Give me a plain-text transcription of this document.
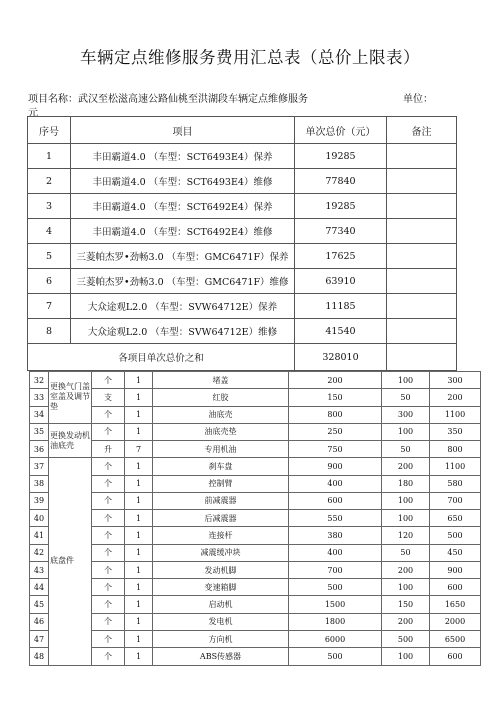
车辆定点维修服务费用汇总表（总价上限表）
项目名称：武汉至松滋高速公路仙桃至洪湖段车辆定点维修服务	单位：
元
序号	项目	单次总价（元）	备注
1	丰田霸道4.0 （车型：SCT6493E4）保养	19285	
2	丰田霸道4.0 （车型：SCT6493E4）维修	77840	
3	丰田霸道4.0 （车型：SCT6492E4）保养	19285	
4	丰田霸道4.0 （车型：SCT6492E4）维修	77340	
5	三菱帕杰罗•劲畅3.0 （车型：GMC6471F）保养	17625	
6	三菱帕杰罗•劲畅3.0 （车型：GMC6471F）维修	63910	
7	大众途观L2.0 （车型：SVW64712E）保养	11185	
8	大众途观L2.0 （车型：SVW64712E）维修	41540	
各项目单次总价之和		328010	
32	更换气门盖室盖及调节垫	个	1	堵盖	200	100	300
33		支	1	红胶	150	50	200
34		个	1	油底壳	800	300	1100
35	更换发动机油底壳	个	1	油底壳垫	250	100	350
36		升	7	专用机油	750	50	800
37	底盘件	个	1	刹车盘	900	200	1100
38		个	1	控制臂	400	180	580
39		个	1	前减震器	600	100	700
40		个	1	后减震器	550	100	650
41		个	1	连接杆	380	120	500
42		个	1	减震缓冲块	400	50	450
43		个	1	发动机脚	700	200	900
44		个	1	变速箱脚	500	100	600
45		个	1	启动机	1500	150	1650
46		个	1	发电机	1800	200	2000
47		个	1	方向机	6000	500	6500
48		个	1	ABS传感器	500	100	600
